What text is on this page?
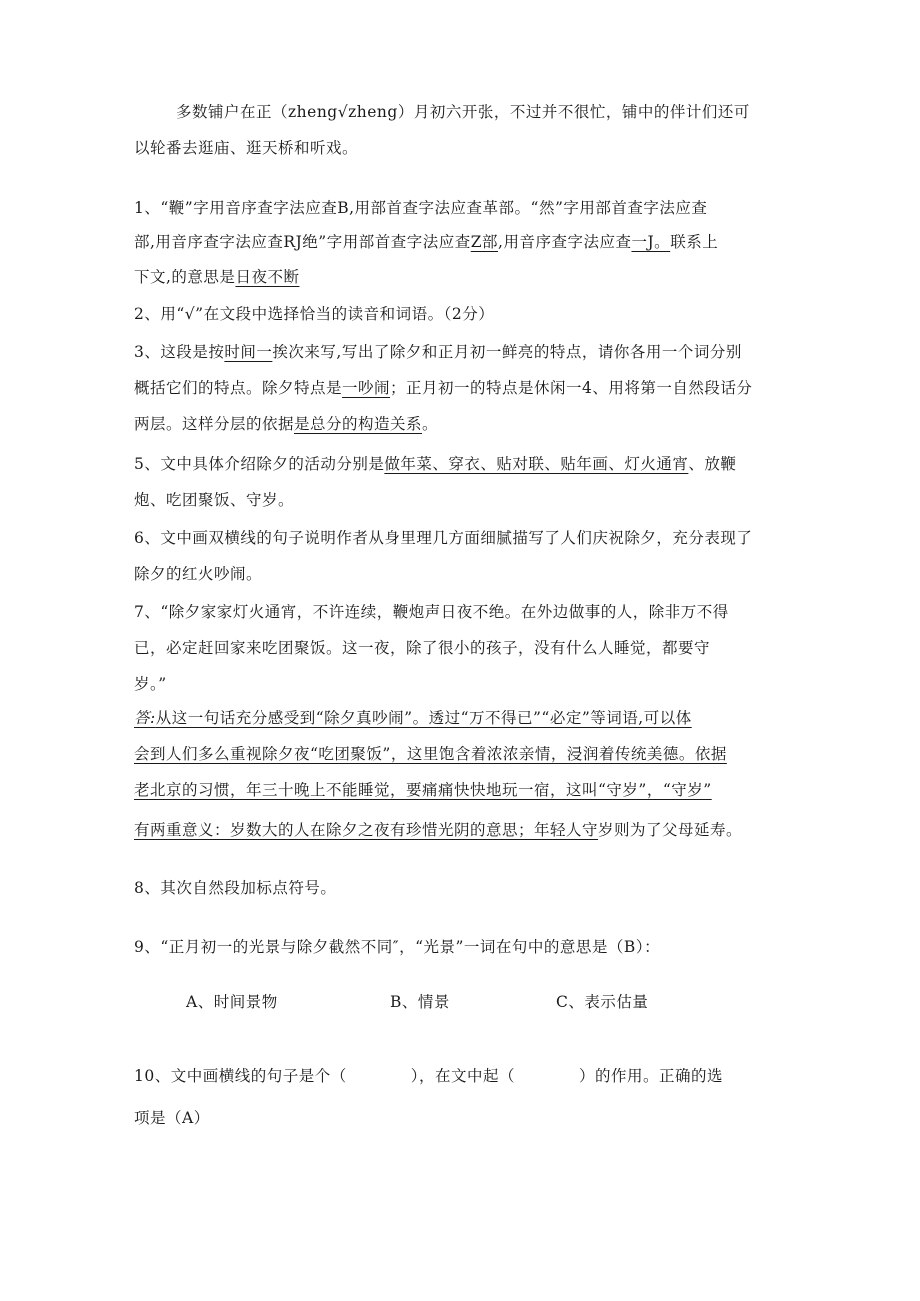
多数铺户在正（zheng√zheng）月初六开张，不过并不很忙，铺中的伴计们还可
以轮番去逛庙、逛天桥和听戏。
1、“鞭”字用音序查字法应查B,用部首查字法应查革部。“然”字用部首查字法应查
部,用音序查字法应查RJ绝”字用部首查字法应查Z部,用音序查字法应查一J。联系上
下文,的意思是日夜不断
2、用“√”在文段中选择恰当的读音和词语。（2分）
3、这段是按时间一挨次来写,写出了除夕和正月初一鲜亮的特点，请你各用一个词分别
概括它们的特点。除夕特点是一吵闹；正月初一的特点是休闲一4、用将第一自然段话分
两层。这样分层的依据是总分的构造关系。
5、文中具体介绍除夕的活动分别是做年菜、穿衣、贴对联、贴年画、灯火通宵、放鞭
炮、吃团聚饭、守岁。
6、文中画双横线的句子说明作者从身里理几方面细腻描写了人们庆祝除夕，充分表现了
除夕的红火吵闹。
7、“除夕家家灯火通宵，不许连续，鞭炮声日夜不绝。在外边做事的人，除非万不得
已，必定赶回家来吃团聚饭。这一夜，除了很小的孩子，没有什么人睡觉，都要守
岁。”
答:从这一句话充分感受到“除夕真吵闹”。透过“万不得已”“必定”等词语,可以体
会到人们多么重视除夕夜“吃团聚饭”，这里饱含着浓浓亲情，浸润着传统美德。依据
老北京的习惯，年三十晚上不能睡觉，要痛痛快快地玩一宿，这叫“守岁”，“守岁”
有两重意义：岁数大的人在除夕之夜有珍惜光阴的意思；年轻人守岁则为了父母延寿。
8、其次自然段加标点符号。
9、“正月初一的光景与除夕截然不同″，“光景”一词在句中的意思是（B）：
A、时间景物	B、情景	C、表示估量
10、文中画横线的句子是个（　　　　），在文中起（　　　　）的作用。正确的选
项是（A）
